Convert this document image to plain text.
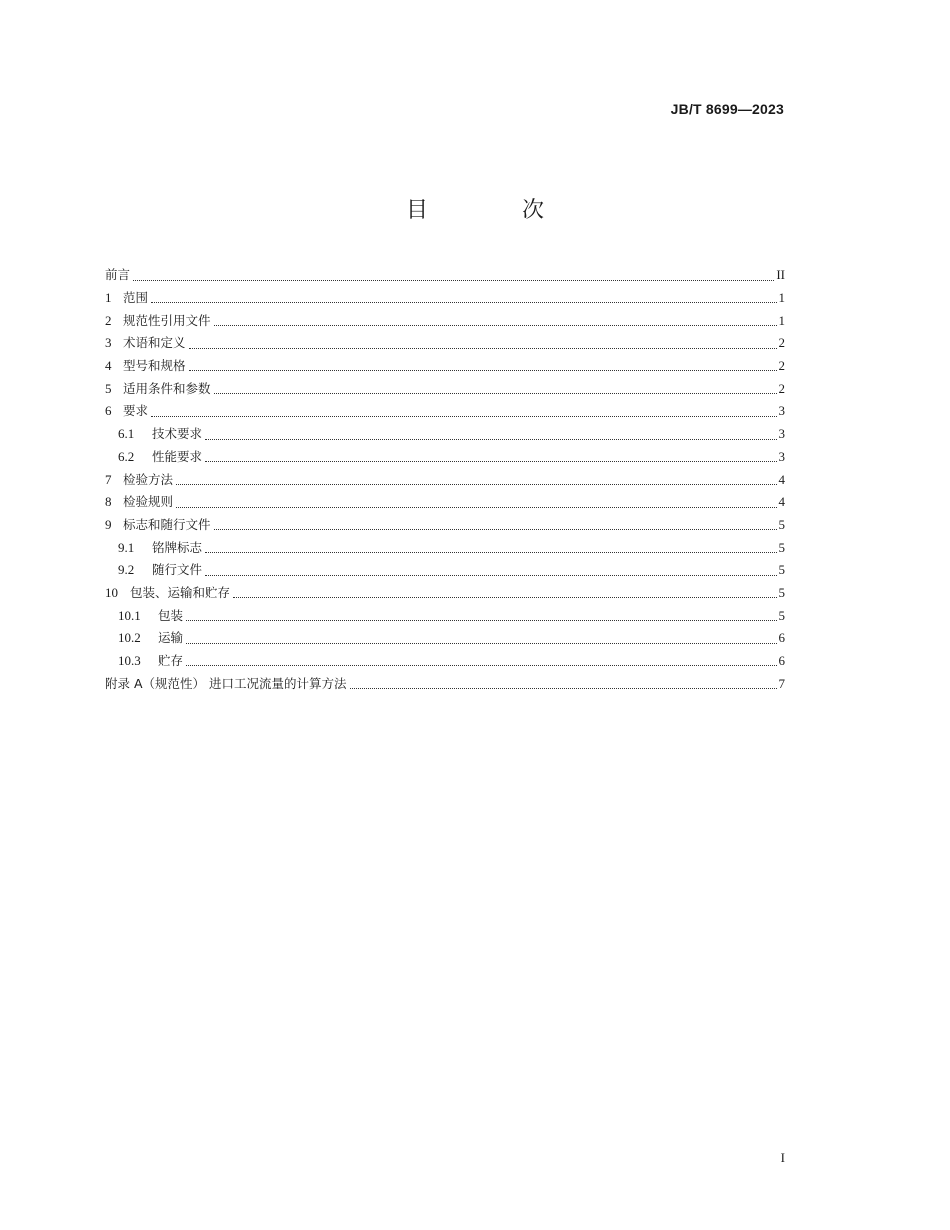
JB/T 8699—2023
目　次
前言	II
1 范围	1
2 规范性引用文件	1
3 术语和定义	2
4 型号和规格	2
5 适用条件和参数	2
6 要求	3
6.1	技术要求	3
6.2	性能要求	3
7 检验方法	4
8 检验规则	4
9 标志和随行文件	5
9.1	铭牌标志	5
9.2	随行文件	5
10 包装、运输和贮存	5
10.1	包装	5
10.2	运输	6
10.3	贮存	6
附录 A（规范性） 进口工况流量的计算方法	7
I
